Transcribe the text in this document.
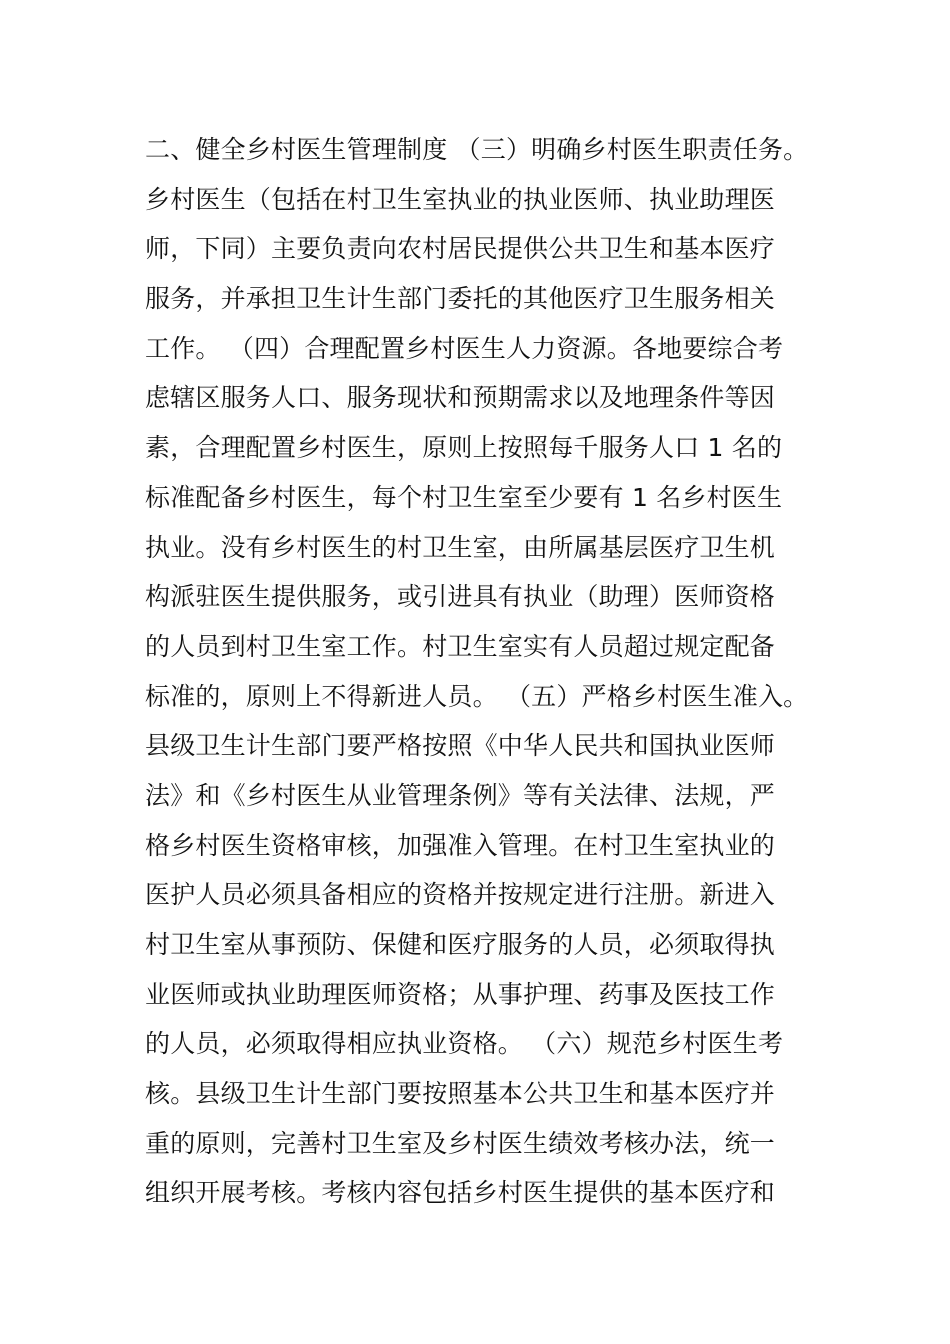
二、健全乡村医生管理制度 （三）明确乡村医生职责任务。
乡村医生（包括在村卫生室执业的执业医师、执业助理医
师，下同）主要负责向农村居民提供公共卫生和基本医疗
服务，并承担卫生计生部门委托的其他医疗卫生服务相关
工作。 （四）合理配置乡村医生人力资源。各地要综合考
虑辖区服务人口、服务现状和预期需求以及地理条件等因
素，合理配置乡村医生，原则上按照每千服务人口 1 名的
标准配备乡村医生，每个村卫生室至少要有 1 名乡村医生
执业。没有乡村医生的村卫生室，由所属基层医疗卫生机
构派驻医生提供服务，或引进具有执业（助理）医师资格
的人员到村卫生室工作。村卫生室实有人员超过规定配备
标准的，原则上不得新进人员。 （五）严格乡村医生准入。
县级卫生计生部门要严格按照《中华人民共和国执业医师
法》和《乡村医生从业管理条例》等有关法律、法规，严
格乡村医生资格审核，加强准入管理。在村卫生室执业的
医护人员必须具备相应的资格并按规定进行注册。新进入
村卫生室从事预防、保健和医疗服务的人员，必须取得执
业医师或执业助理医师资格；从事护理、药事及医技工作
的人员，必须取得相应执业资格。 （六）规范乡村医生考
核。县级卫生计生部门要按照基本公共卫生和基本医疗并
重的原则，完善村卫生室及乡村医生绩效考核办法，统一
组织开展考核。考核内容包括乡村医生提供的基本医疗和
